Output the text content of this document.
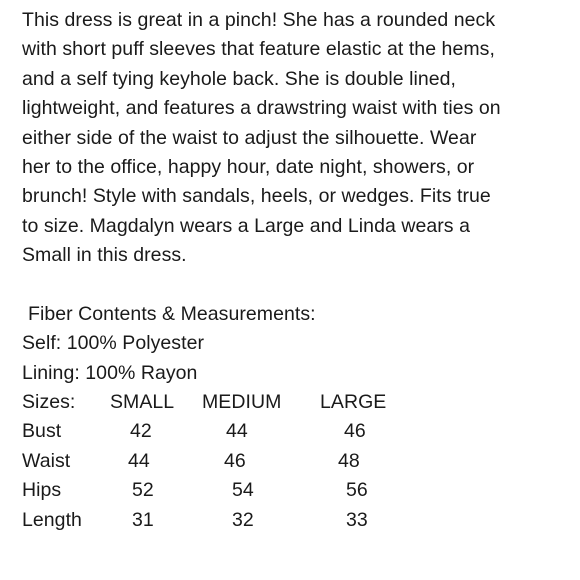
This dress is great in a pinch! She has a rounded neck
with short puff sleeves that feature elastic at the hems,
and a self tying keyhole back. She is double lined,
lightweight, and features a drawstring waist with ties on
either side of the waist to adjust the silhouette. Wear
her to the office, happy hour, date night, showers, or
brunch! Style with sandals, heels, or wedges. Fits true
to size. Magdalyn wears a Large and Linda wears a
Small in this dress.
Fiber Contents & Measurements:
Self: 100% Polyester
Lining: 100% Rayon
Sizes: SMALL MEDIUM LARGE
Bust	42	44	46
Waist	44	46	48
Hips	52	54	56
Length	31	32	33
